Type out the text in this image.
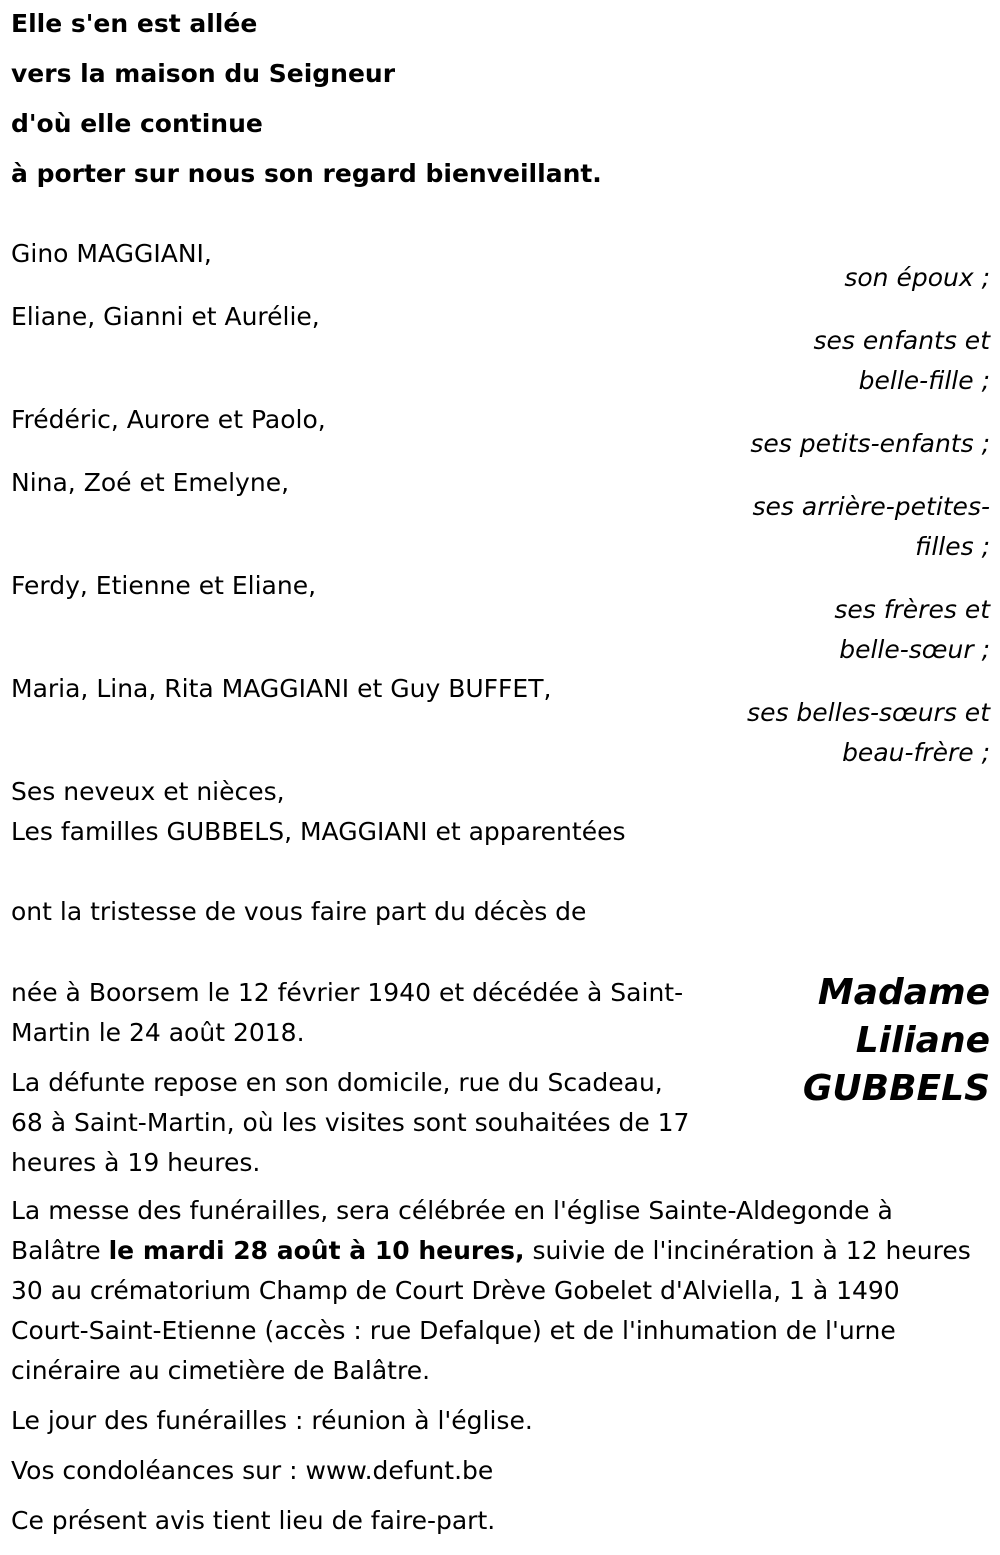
Elle s'en est allée
vers la maison du Seigneur
d'où elle continue
à porter sur nous son regard bienveillant.
Gino MAGGIANI,
Eliane, Gianni et Aurélie,
Frédéric, Aurore et Paolo,
Nina, Zoé et Emelyne,
Ferdy, Etienne et Eliane,
Maria, Lina, Rita MAGGIANI et Guy BUFFET,
son époux ;
ses enfants et
belle-fille ;
ses petits-enfants ;
ses arrière-petites-
filles ;
ses frères et
belle-sœur ;
ses belles-sœurs et
beau-frère ;
Ses neveux et nièces,
Les familles GUBBELS, MAGGIANI et apparentées
ont la tristesse de vous faire part du décès de
Madame
Liliane
GUBBELS
née à Boorsem le 12 février 1940 et décédée à Saint-
Martin le 24 août 2018.
La défunte repose en son domicile, rue du Scadeau,
68 à Saint-Martin, où les visites sont souhaitées de 17
heures à 19 heures.
La messe des funérailles, sera célébrée en l'église Sainte-Aldegonde à
Balâtre le mardi 28 août à 10 heures, suivie de l'incinération à 12 heures
30 au crématorium Champ de Court Drève Gobelet d'Alviella, 1 à 1490
Court-Saint-Etienne (accès : rue Defalque) et de l'inhumation de l'urne
cinéraire au cimetière de Balâtre.
Le jour des funérailles : réunion à l'église.
Vos condoléances sur : www.defunt.be
Ce présent avis tient lieu de faire-part.
